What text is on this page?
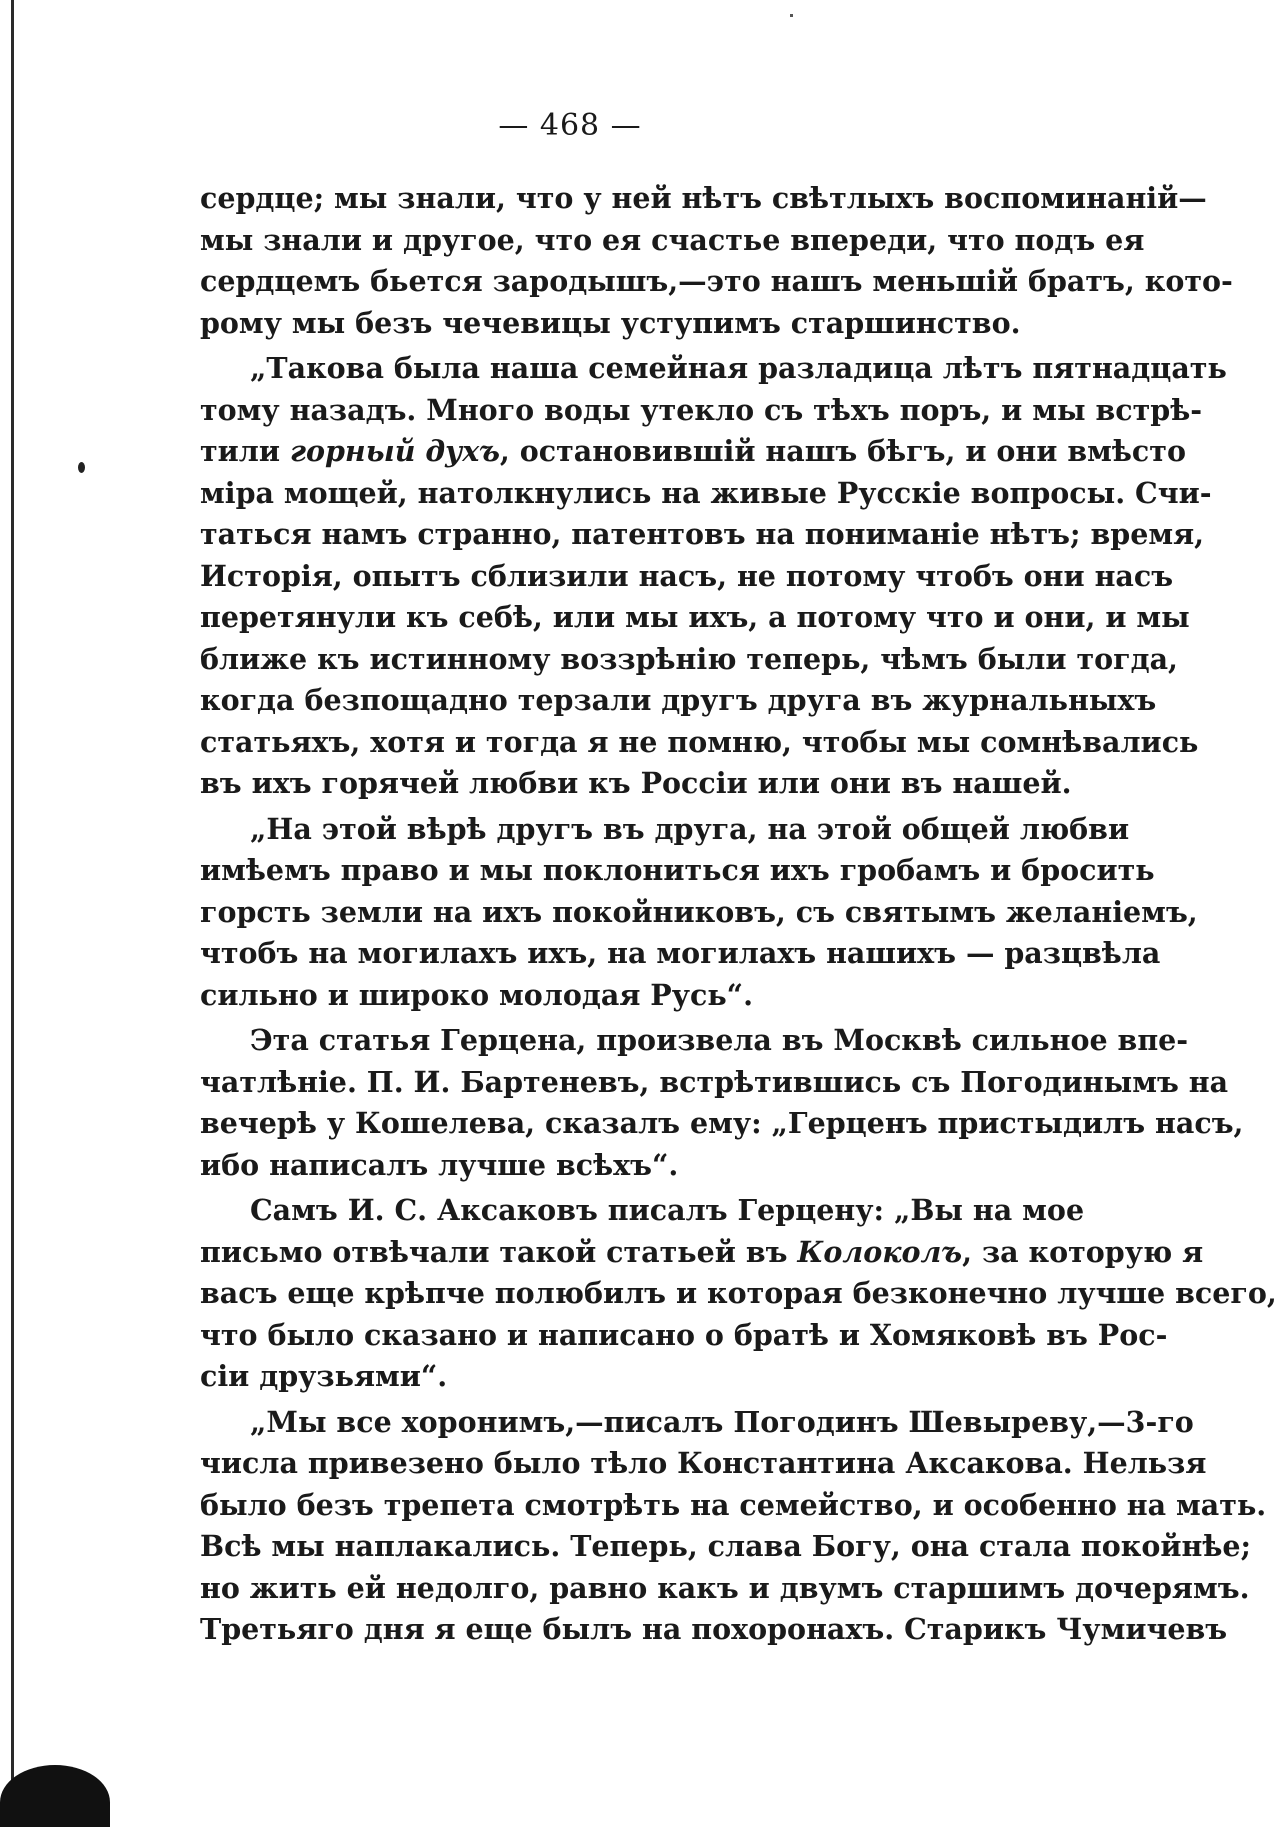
— 468 —
сердце; мы знали, что у ней нѣтъ свѣтлыхъ воспоминаній—
мы знали и другое, что ея счастье впереди, что подъ ея
сердцемъ бьется зародышъ,—это нашъ меньшій братъ, кото-
рому мы безъ чечевицы уступимъ старшинство.
„Такова была наша семейная разладица лѣтъ пятнадцать
тому назадъ. Много воды утекло съ тѣхъ поръ, и мы встрѣ-
тили горный духъ, остановившій нашъ бѣгъ, и они вмѣсто
міра мощей, натолкнулись на живые Русскіе вопросы. Счи-
таться намъ странно, патентовъ на пониманіе нѣтъ; время,
Исторія, опытъ сблизили насъ, не потому чтобъ они насъ
перетянули къ себѣ, или мы ихъ, а потому что и они, и мы
ближе къ истинному воззрѣнію теперь, чѣмъ были тогда,
когда безпощадно терзали другъ друга въ журнальныхъ
статьяхъ, хотя и тогда я не помню, чтобы мы сомнѣвались
въ ихъ горячей любви къ Россіи или они въ нашей.
„На этой вѣрѣ другъ въ друга, на этой общей любви
имѣемъ право и мы поклониться ихъ гробамъ и бросить
горсть земли на ихъ покойниковъ, съ святымъ желаніемъ,
чтобъ на могилахъ ихъ, на могилахъ нашихъ — разцвѣла
сильно и широко молодая Русь“.
Эта статья Герцена, произвела въ Москвѣ сильное впе-
чатлѣніе. П. И. Бартеневъ, встрѣтившись съ Погодинымъ на
вечерѣ у Кошелева, сказалъ ему: „Герценъ пристыдилъ насъ,
ибо написалъ лучше всѣхъ“.
Самъ И. С. Аксаковъ писалъ Герцену: „Вы на мое
письмо отвѣчали такой статьей въ Колоколъ, за которую я
васъ еще крѣпче полюбилъ и которая безконечно лучше всего,
что было сказано и написано о братѣ и Хомяковѣ въ Рос-
сіи друзьями“.
„Мы все хоронимъ,—писалъ Погодинъ Шевыреву,—3-го
числа привезено было тѣло Константина Аксакова. Нельзя
было безъ трепета смотрѣть на семейство, и особенно на мать.
Всѣ мы наплакались. Теперь, слава Богу, она стала покойнѣе;
но жить ей недолго, равно какъ и двумъ старшимъ дочерямъ.
Третьяго дня я еще былъ на похоронахъ. Старикъ Чумичевъ
